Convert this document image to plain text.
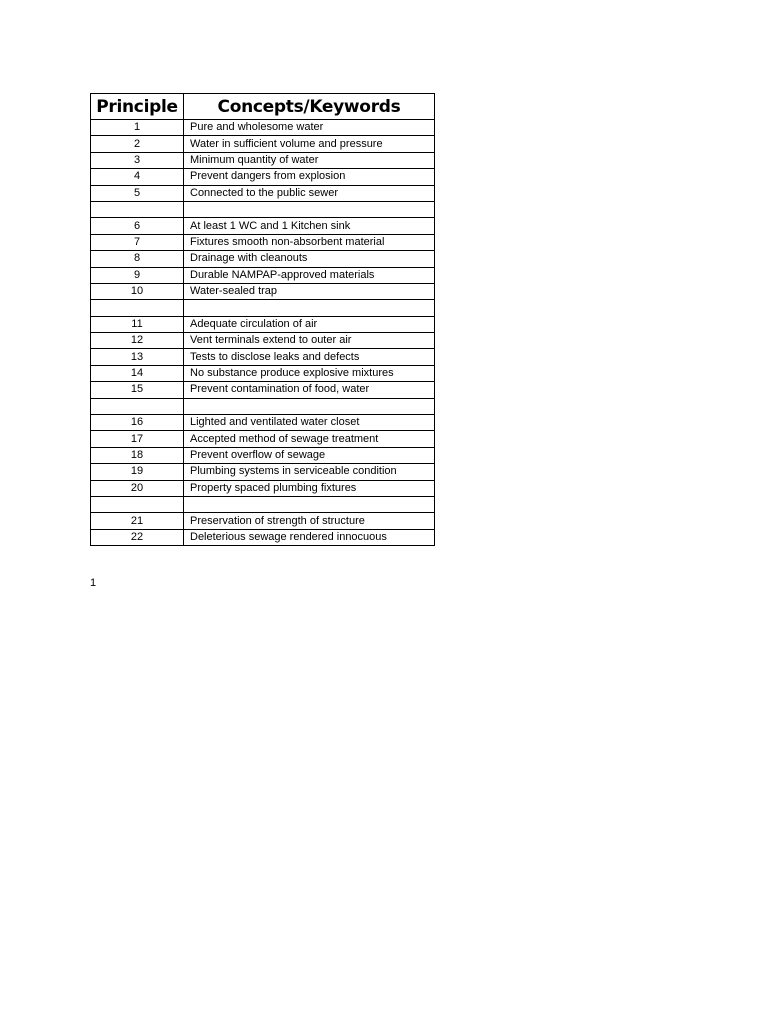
Principle	Concepts/Keywords
1	Pure and wholesome water
2	Water in sufficient volume and pressure
3	Minimum quantity of water
4	Prevent dangers from explosion
5	Connected to the public sewer

6	At least 1 WC and 1 Kitchen sink
7	Fixtures smooth non-absorbent material
8	Drainage with cleanouts
9	Durable NAMPAP-approved materials
10	Water-sealed trap

11	Adequate circulation of air
12	Vent terminals extend to outer air
13	Tests to disclose leaks and defects
14	No substance produce explosive mixtures
15	Prevent contamination of food, water

16	Lighted and ventilated water closet
17	Accepted method of sewage treatment
18	Prevent overflow of sewage
19	Plumbing systems in serviceable condition
20	Property spaced plumbing fixtures

21	Preservation of strength of structure
22	Deleterious sewage rendered innocuous
1
